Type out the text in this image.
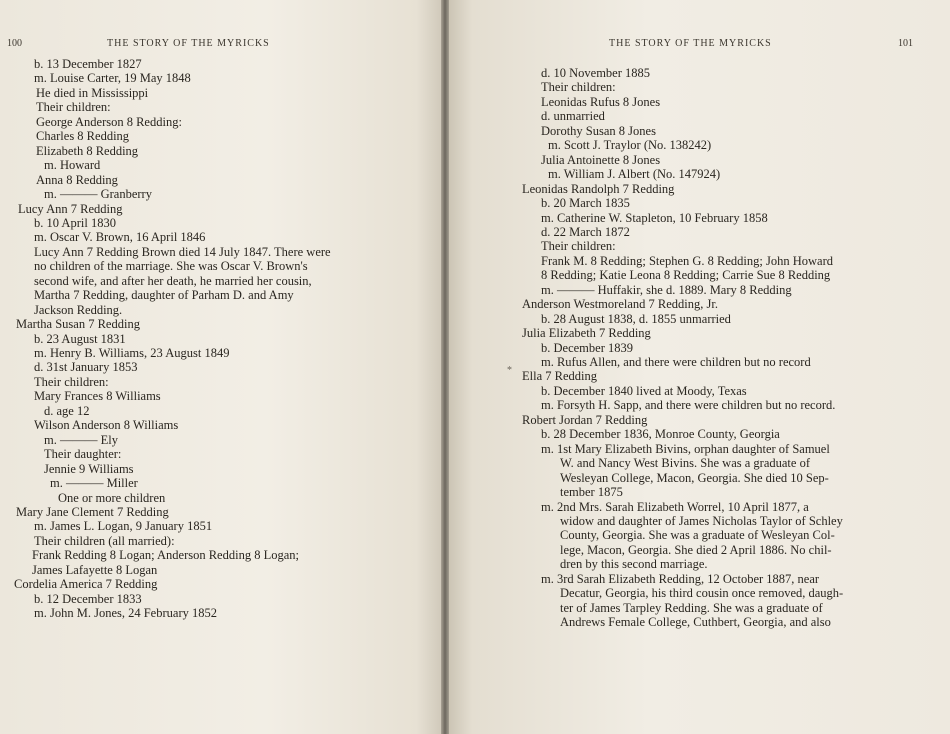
100	THE STORY OF THE MYRICKS	THE STORY OF THE MYRICKS	101
*
b. 13 December 1827
m. Louise Carter, 19 May 1848
He died in Mississippi
Their children:
George Anderson 8 Redding:
Charles 8 Redding
Elizabeth 8 Redding
m. Howard
Anna 8 Redding
m. ——— Granberry
Lucy Ann 7 Redding
b. 10 April 1830
m. Oscar V. Brown, 16 April 1846
Lucy Ann 7 Redding Brown died 14 July 1847. There were
no children of the marriage. She was Oscar V. Brown's
second wife, and after her death, he married her cousin,
Martha 7 Redding, daughter of Parham D. and Amy
Jackson Redding.
Martha Susan 7 Redding
b. 23 August 1831
m. Henry B. Williams, 23 August 1849
d. 31st January 1853
Their children:
Mary Frances 8 Williams
d. age 12
Wilson Anderson 8 Williams
m. ——— Ely
Their daughter:
Jennie 9 Williams
m. ——— Miller
One or more children
Mary Jane Clement 7 Redding
m. James L. Logan, 9 January 1851
Their children (all married):
Frank Redding 8 Logan; Anderson Redding 8 Logan;
James Lafayette 8 Logan
Cordelia America 7 Redding
b. 12 December 1833
m. John M. Jones, 24 February 1852
d. 10 November 1885
Their children:
Leonidas Rufus 8 Jones
d. unmarried
Dorothy Susan 8 Jones
m. Scott J. Traylor (No. 138242)
Julia Antoinette 8 Jones
m. William J. Albert (No. 147924)
Leonidas Randolph 7 Redding
b. 20 March 1835
m. Catherine W. Stapleton, 10 February 1858
d. 22 March 1872
Their children:
Frank M. 8 Redding; Stephen G. 8 Redding; John Howard
8 Redding; Katie Leona 8 Redding; Carrie Sue 8 Redding
m. ——— Huffakir, she d. 1889. Mary 8 Redding
Anderson Westmoreland 7 Redding, Jr.
b. 28 August 1838, d. 1855 unmarried
Julia Elizabeth 7 Redding
b. December 1839
m. Rufus Allen, and there were children but no record
Ella 7 Redding
b. December 1840 lived at Moody, Texas
m. Forsyth H. Sapp, and there were children but no record.
Robert Jordan 7 Redding
b. 28 December 1836, Monroe County, Georgia
m. 1st Mary Elizabeth Bivins, orphan daughter of Samuel
W. and Nancy West Bivins. She was a graduate of
Wesleyan College, Macon, Georgia. She died 10 Sep-
tember 1875
m. 2nd Mrs. Sarah Elizabeth Worrel, 10 April 1877, a
widow and daughter of James Nicholas Taylor of Schley
County, Georgia. She was a graduate of Wesleyan Col-
lege, Macon, Georgia. She died 2 April 1886. No chil-
dren by this second marriage.
m. 3rd Sarah Elizabeth Redding, 12 October 1887, near
Decatur, Georgia, his third cousin once removed, daugh-
ter of James Tarpley Redding. She was a graduate of
Andrews Female College, Cuthbert, Georgia, and also
